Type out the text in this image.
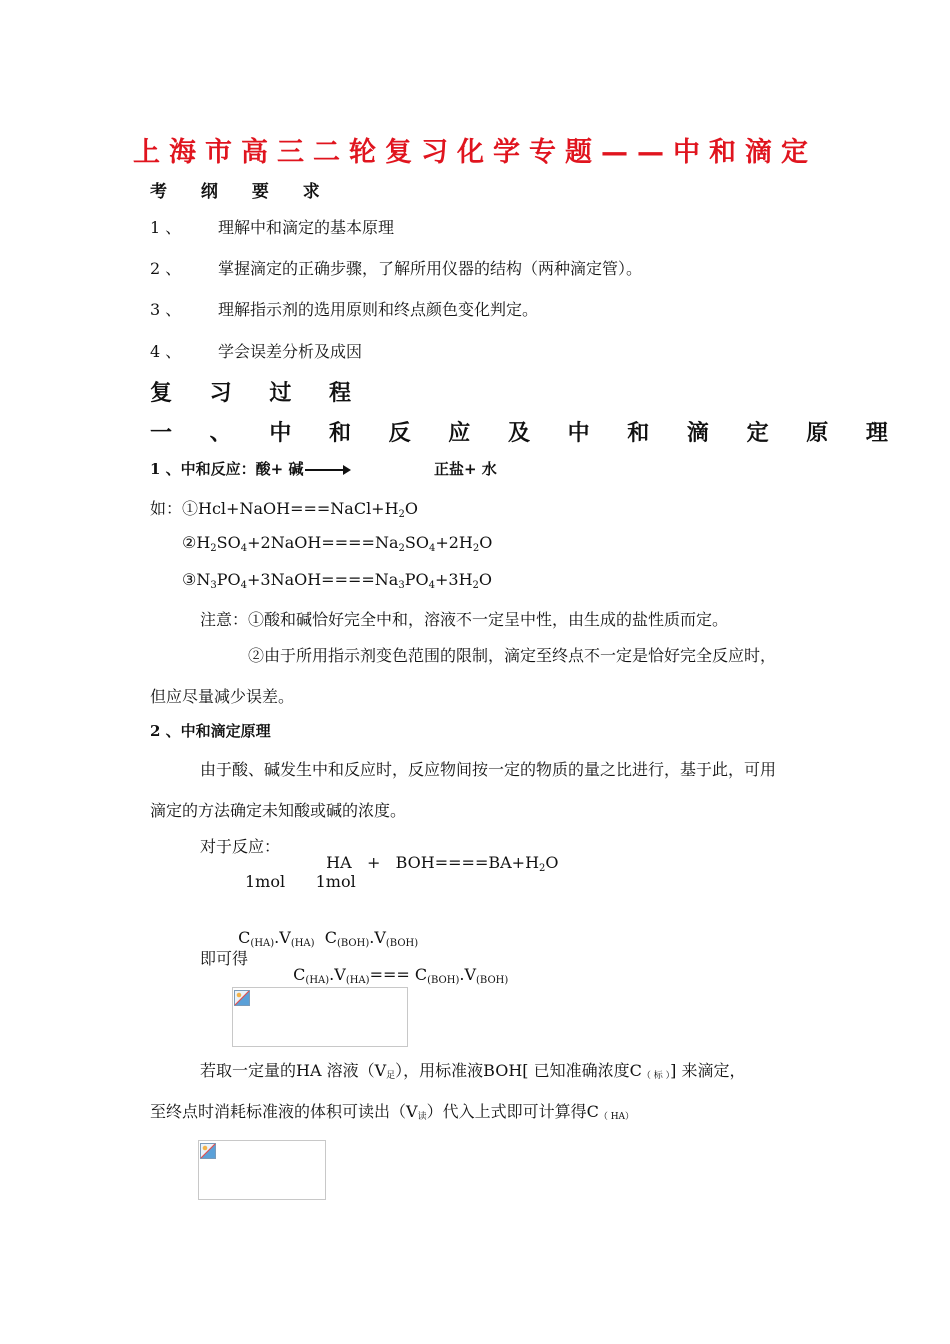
上海市高三二轮复习化学专题——中和滴定
考 纲 要 求
1 、 理解中和滴定的基本原理
2 、 掌握滴定的正确步骤，了解所用仪器的结构（两种滴定管）。
3 、 理解指示剂的选用原则和终点颜色变化判定。
4 、 学会误差分析及成因
复 习 过 程
一 、 中 和 反 应 及 中 和 滴 定 原 理
1 、中和反应：酸+ 碱	正盐+ 水
如：$①Hcl+NaOH===NaCl+H_2O$
$②H_2SO_4+2NaOH====Na_2SO_4+2H_2O$
$③N_3PO_4+3NaOH====Na_3PO_4+3H_2O$
注意：①酸和碱恰好完全中和，溶液不一定呈中性，由生成的盐性质而定。
②由于所用指示剂变色范围的限制，滴定至终点不一定是恰好完全反应时，
但应尽量减少误差。
2 、中和滴定原理
由于酸、碱发生中和反应时，反应物间按一定的物质的量之比进行，基于此，可用
滴定的方法确定未知酸或碱的浓度。
对于反应：

HA   +   $BOH====BA+H_2O$

1mol      1mol

$C_{(HA)}.V_{(HA)}$  $C_{(BOH)}.V_{(BOH)}$

即可得

$C_{(HA)}.V_{(HA)}=== C_{(BOH)}.V_{(BOH)}$

若取一定量的HA 溶液（V足），用标准液BOH[ 已知准确浓度C（ 标 ）] 来滴定，
至终点时消耗标准液的体积可读出（V读）代入上式即可计算得C（ HA）
